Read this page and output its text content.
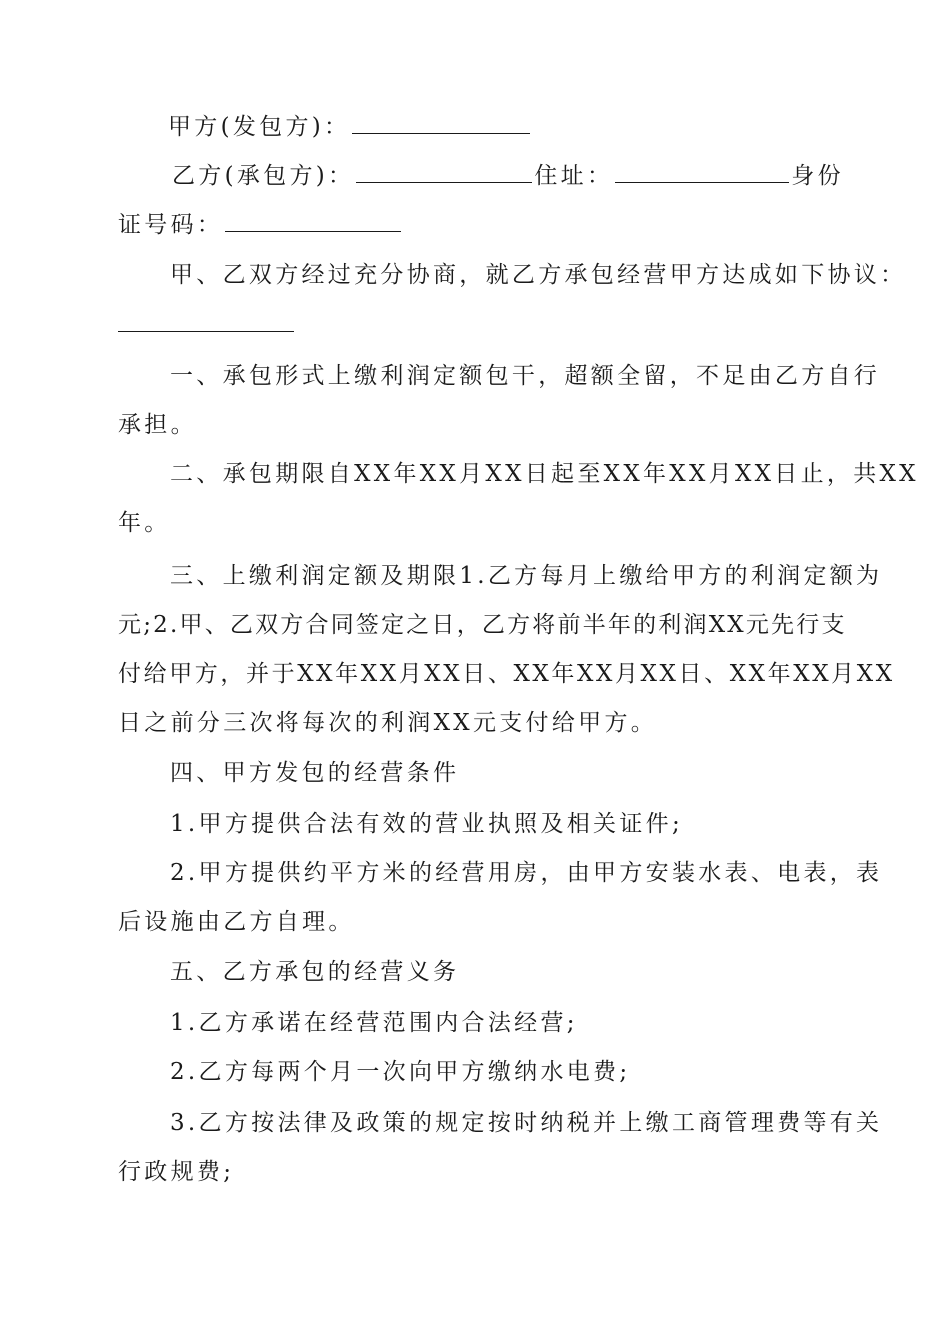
甲方(发包方)：
乙方(承包方)：	住址：	身份
证号码：
甲、乙双方经过充分协商，就乙方承包经营甲方达成如下协议：
一、承包形式上缴利润定额包干，超额全留，不足由乙方自行
承担。
二、承包期限自XX年XX月XX日起至XX年XX月XX日止，共XX
年。
三、上缴利润定额及期限1.乙方每月上缴给甲方的利润定额为
元;2.甲、乙双方合同签定之日，乙方将前半年的利润XX元先行支
付给甲方，并于XX年XX月XX日、XX年XX月XX日、XX年XX月XX
日之前分三次将每次的利润XX元支付给甲方。
四、甲方发包的经营条件
1.甲方提供合法有效的营业执照及相关证件;
2.甲方提供约平方米的经营用房，由甲方安装水表、电表，表
后设施由乙方自理。
五、乙方承包的经营义务
1.乙方承诺在经营范围内合法经营;
2.乙方每两个月一次向甲方缴纳水电费;
3.乙方按法律及政策的规定按时纳税并上缴工商管理费等有关
行政规费;
